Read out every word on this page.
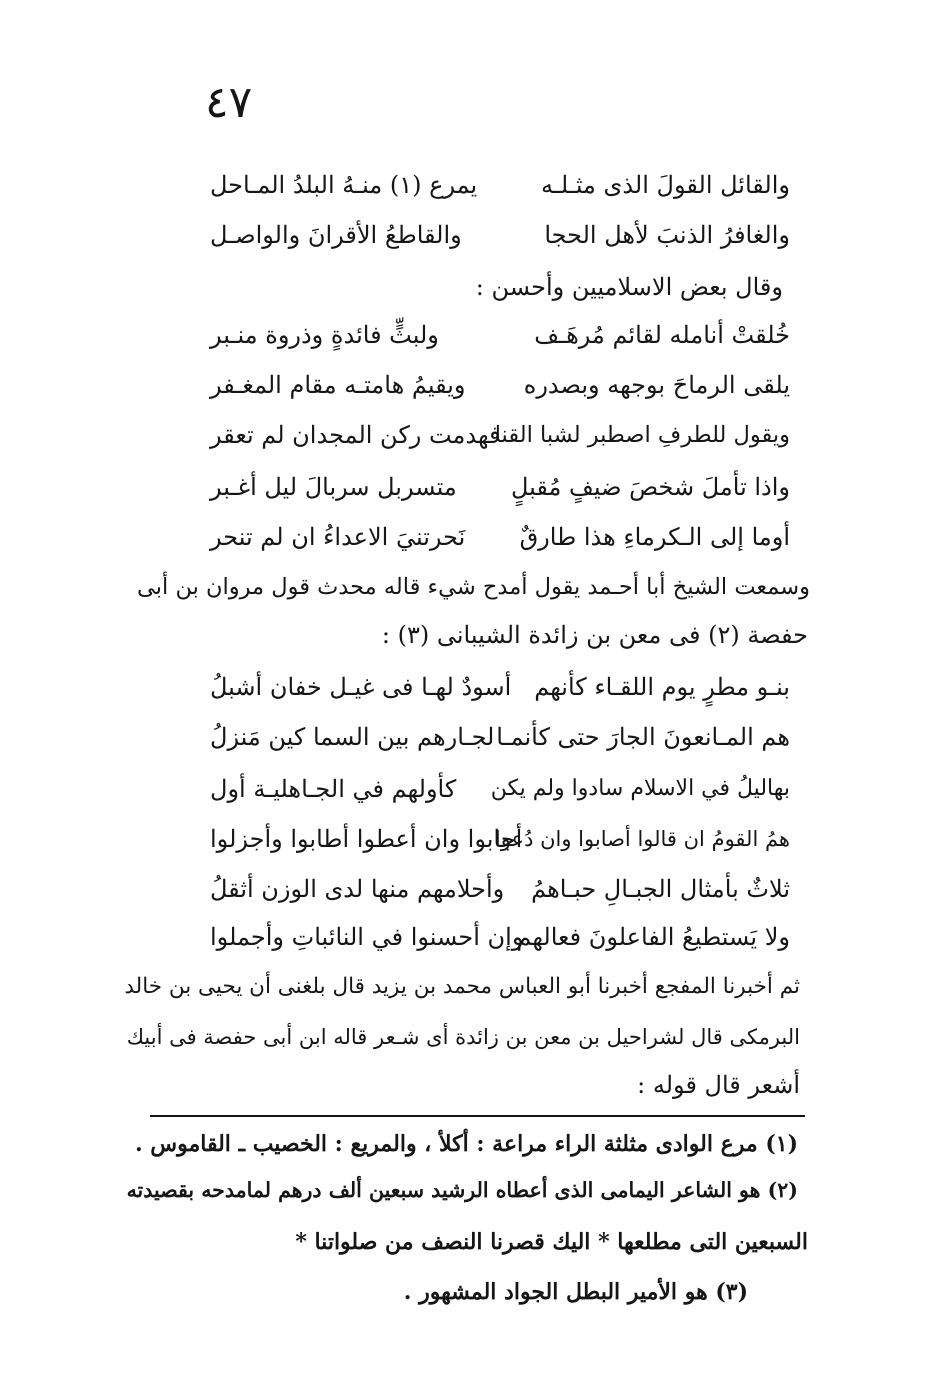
٤٧
والقائل القولَ الذى مثـلـه
يمرع (١) منـهُ البلدُ المـاحل
والغافرُ الذنبَ لأهل الحجا
والقاطعُ الأقرانَ والواصـل
وقال بعض الاسلاميين وأحسن :
خُلقتْ أنامله لقائم مُرهَـف
ولبثٍّ فائدةٍ وذروة منـبر
يلقى الرماحَ بوجهه وبصدره
ويقيمُ هامتـه مقام المغـفر
ويقول للطرفِ اصطبر لشبا القنا
فهدمت ركن المجدان لم تعقر
واذا تأملَ شخصَ ضيفٍ مُقبلٍ
متسربل سربالَ ليل أغـبر
أوما إلى الـكرماءِ هذا طارقٌ
نَحرتنيَ الاعداءُ ان لم تنحر
وسمعت الشيخ أبا أحـمد يقول أمدح شيء قاله محدث قول مروان بن أبى
حفصة (٢) فى معن بن زائدة الشيبانى (٣) :
بنـو مطرٍ يوم اللقـاء كأنهم
أسودٌ لهـا فى غيـل خفان أشبلُ
هم المـانعونَ الجارَ حتى كأنمـا
لجـارهم بين السما كين مَنزلُ
بهاليلُ في الاسلام سادوا ولم يكن
كأولهم في الجـاهليـة أول
همُ القومُ ان قالوا أصابوا وان دُعوا
أجابوا وان أعطوا أطابوا وأجزلوا
ثلاثٌ بأمثال الجبـالِ حبـاهمُ
وأحلامهم منها لدى الوزن أثقلُ
ولا يَستطيعُ الفاعلونَ فعالهم
وإن أحسنوا في النائباتِ وأجملوا
ثم أخبرنا المفجع أخبرنا أبو العباس محمد بن يزيد قال بلغنى أن يحيى بن خالد
البرمكى قال لشراحيل بن معن بن زائدة أى شـعر قاله ابن أبى حفصة فى أبيك
أشعر قال قوله :
(١) مرع الوادى مثلثة الراء مراعة : أكلأ ، والمريع : الخصيب ـ القاموس .
(٢) هو الشاعر اليمامى الذى أعطاه الرشيد سبعين ألف درهم لمامدحه بقصيدته
السبعين التى مطلعها * اليك قصرنا النصف من صلواتنا *
(٣) هو الأمير البطل الجواد المشهور .
